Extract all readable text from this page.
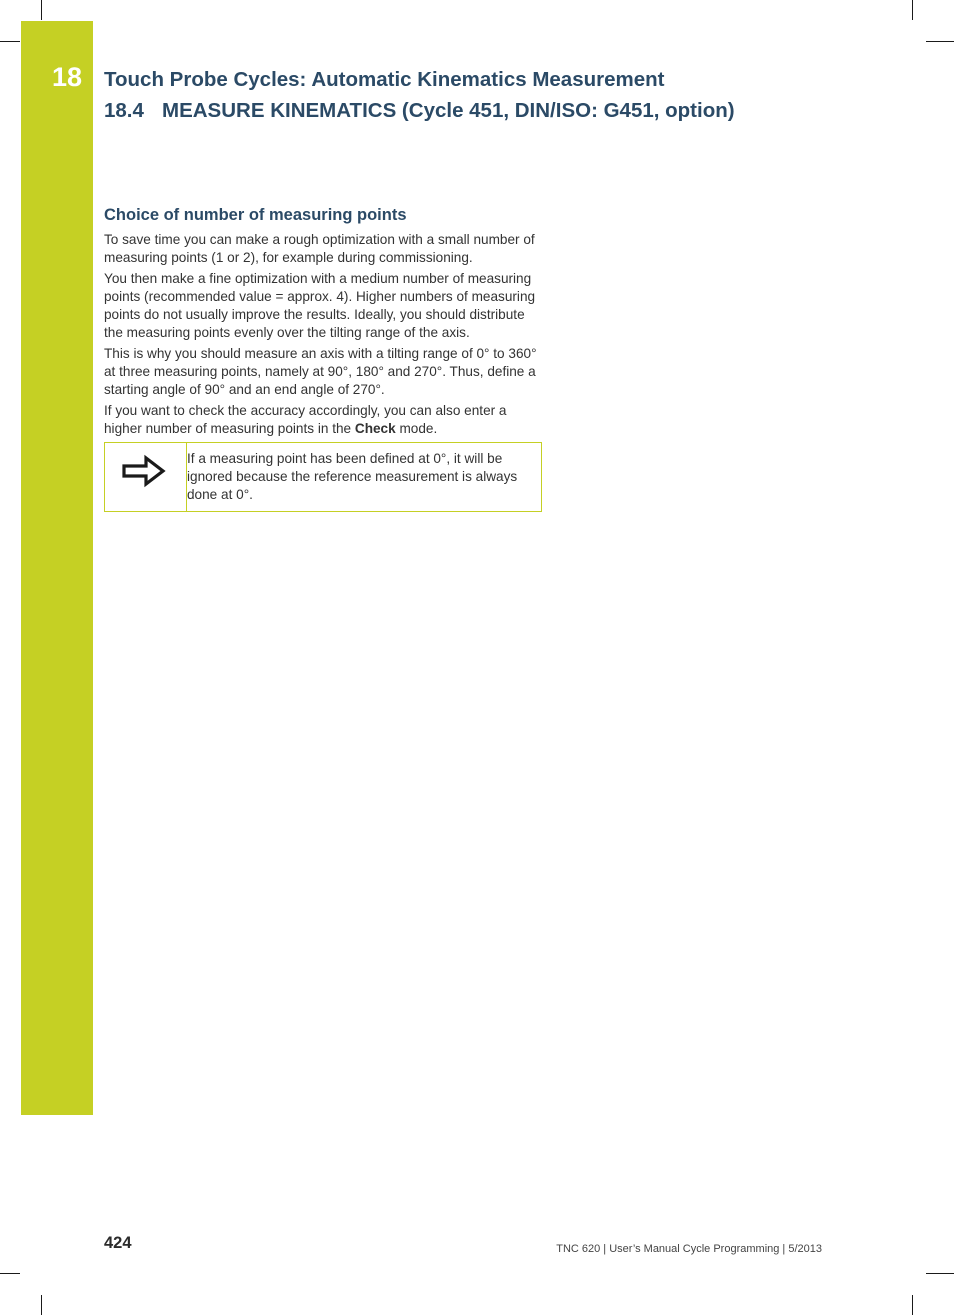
18 Touch Probe Cycles: Automatic Kinematics Measurement
18.4 MEASURE KINEMATICS (Cycle 451, DIN/ISO: G451, option)
Choice of number of measuring points

To save time you can make a rough optimization with a small number of measuring points (1 or 2), for example during commissioning.

You then make a fine optimization with a medium number of measuring points (recommended value = approx. 4). Higher numbers of measuring points do not usually improve the results. Ideally, you should distribute the measuring points evenly over the tilting range of the axis.

This is why you should measure an axis with a tilting range of 0° to 360° at three measuring points, namely at 90°, 180° and 270°. Thus, define a starting angle of 90° and an end angle of 270°.

If you want to check the accuracy accordingly, you can also enter a higher number of measuring points in the Check mode.

If a measuring point has been defined at 0°, it will be ignored because the reference measurement is always done at 0°.
424	TNC 620 | User’s Manual Cycle Programming | 5/2013
